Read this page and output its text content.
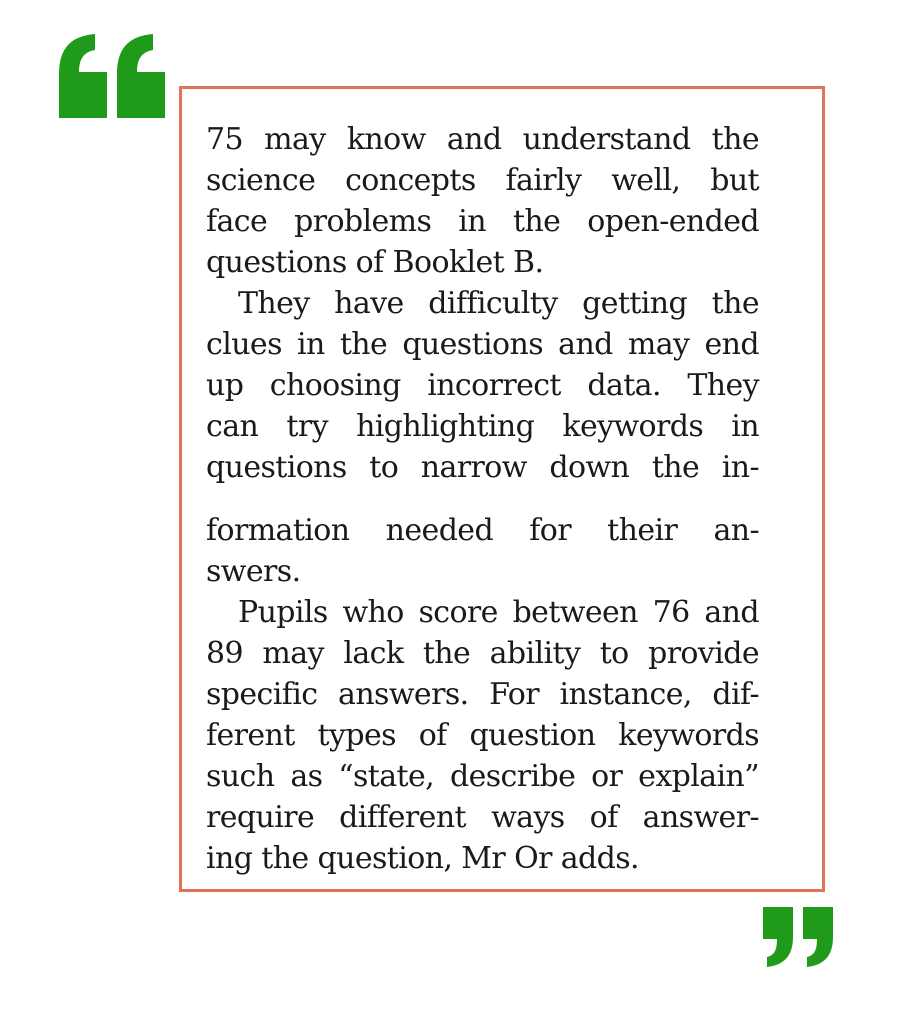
75 may know and understand the
science concepts fairly well, but
face problems in the open-ended
questions of Booklet B.
They have difficulty getting the
clues in the questions and may end
up choosing incorrect data. They
can try highlighting keywords in
questions to narrow down the in-
formation needed for their an-
swers.
Pupils who score between 76 and
89 may lack the ability to provide
specific answers. For instance, dif-
ferent types of question keywords
such as “state, describe or explain”
require different ways of answer-
ing the question, Mr Or adds.
